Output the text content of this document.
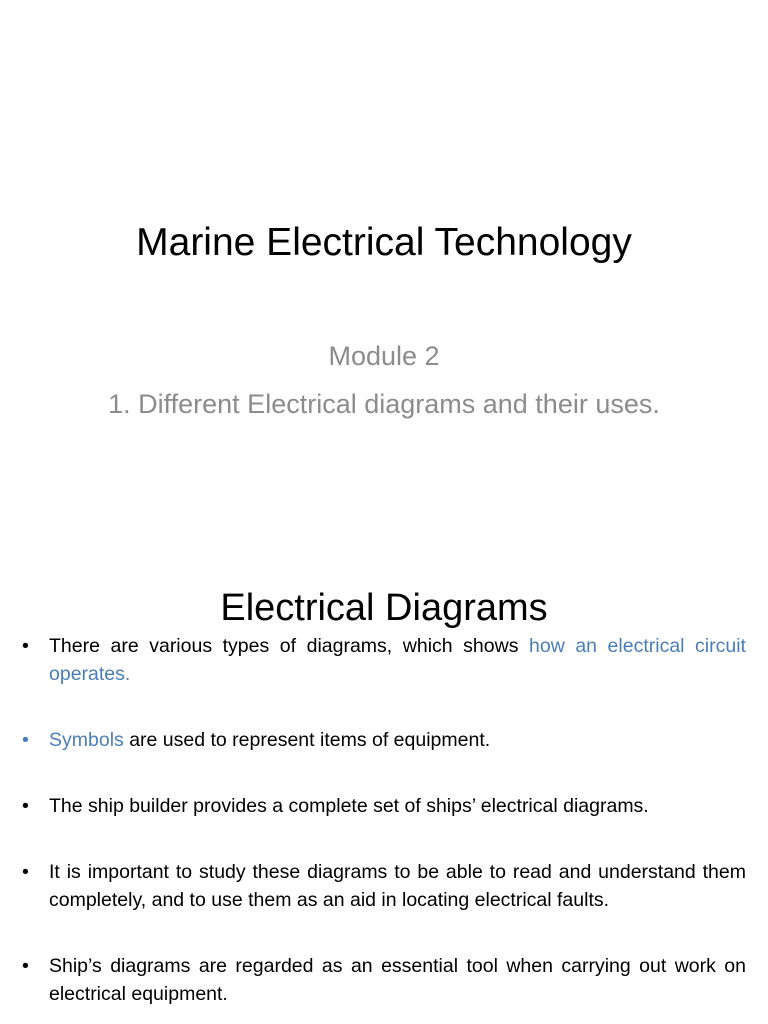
Marine Electrical Technology
Module 2
1. Different Electrical diagrams and their uses.
Electrical Diagrams
•	There are various types of diagrams, which shows how an electrical circuit operates.
•	Symbols are used to represent items of equipment.
•	The ship builder provides a complete set of ships’ electrical diagrams.
•	It is important to study these diagrams to be able to read and understand them completely, and to use them as an aid in locating electrical faults.
•	Ship’s diagrams are regarded as an essential tool when carrying out work on electrical equipment.
